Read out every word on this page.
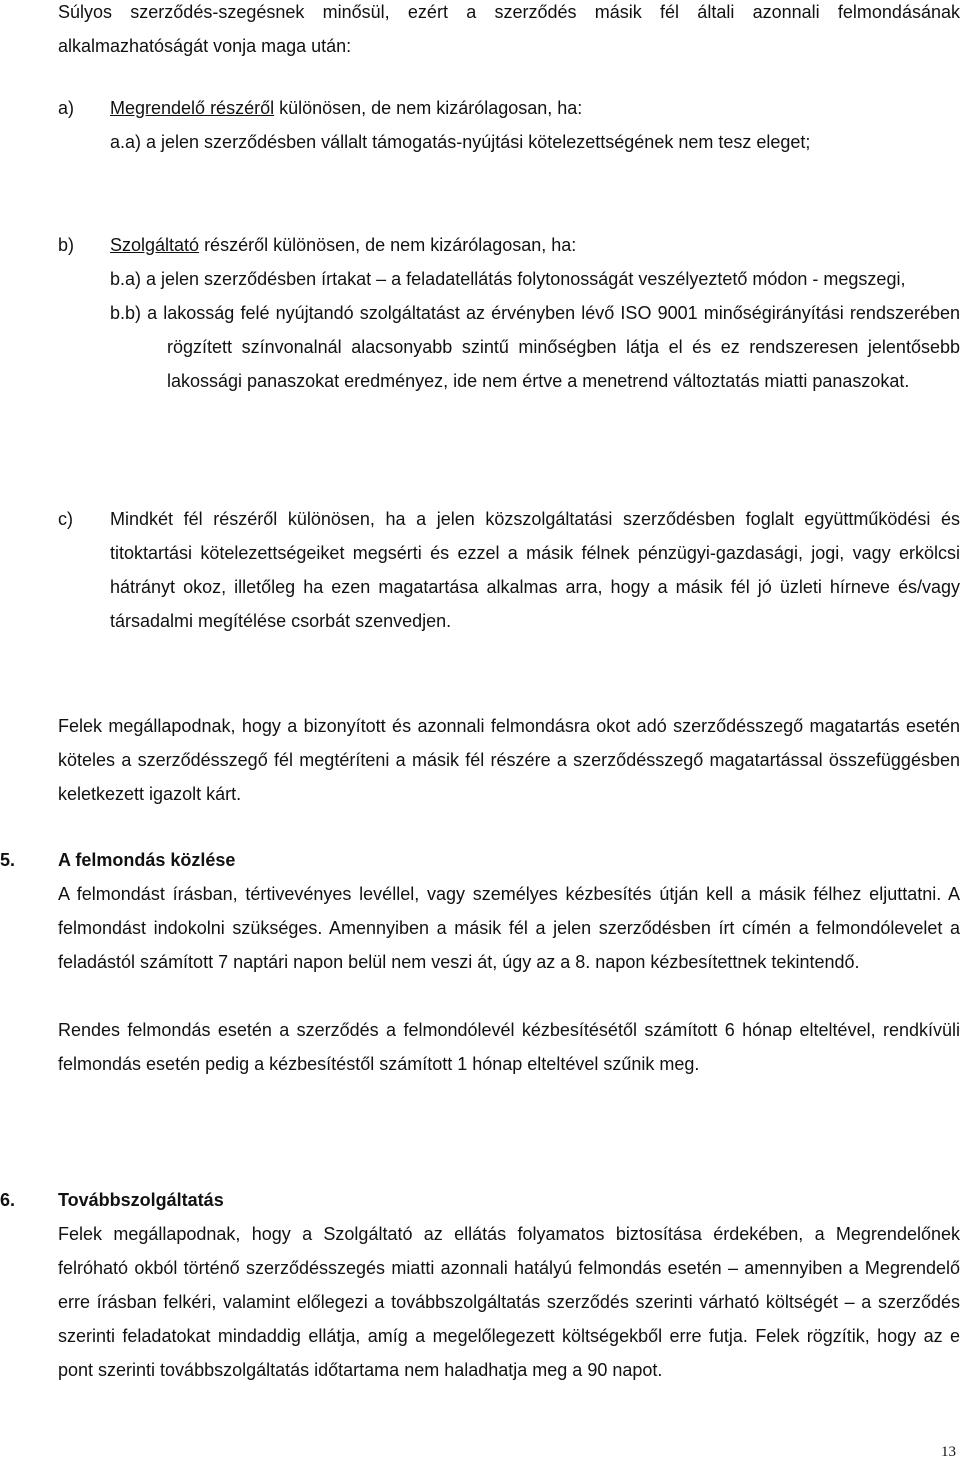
Súlyos szerződés-szegésnek minősül, ezért a szerződés másik fél általi azonnali felmondásának alkalmazhatóságát vonja maga után:

a) Megrendelő részéről különösen, de nem kizárólagosan, ha:

a.a) a jelen szerződésben vállalt támogatás-nyújtási kötelezettségének nem tesz eleget;

b) Szolgáltató részéről különösen, de nem kizárólagosan, ha:

b.a) a jelen szerződésben írtakat – a feladatellátás folytonosságát veszélyeztető módon - megszegi,

b.b) a lakosság felé nyújtandó szolgáltatást az érvényben lévő ISO 9001 minőségirányítási rendszerében rögzített színvonalnál alacsonyabb szintű minőségben látja el és ez rendszeresen jelentősebb lakossági panaszokat eredményez, ide nem értve a menetrend változtatás miatti panaszokat.

c) Mindkét fél részéről különösen, ha a jelen közszolgáltatási szerződésben foglalt együttműködési és titoktartási kötelezettségeiket megsérti és ezzel a másik félnek pénzügyi-gazdasági, jogi, vagy erkölcsi hátrányt okoz, illetőleg ha ezen magatartása alkalmas arra, hogy a másik fél jó üzleti hírneve és/vagy társadalmi megítélése csorbát szenvedjen.

Felek megállapodnak, hogy a bizonyított és azonnali felmondásra okot adó szerződésszegő magatartás esetén köteles a szerződésszegő fél megtéríteni a másik fél részére a szerződésszegő magatartással összefüggésben keletkezett igazolt kárt.

5. A felmondás közlése

A felmondást írásban, tértivevényes levéllel, vagy személyes kézbesítés útján kell a másik félhez eljuttatni. A felmondást indokolni szükséges. Amennyiben a másik fél a jelen szerződésben írt címén a felmondólevelet a feladástól számított 7 naptári napon belül nem veszi át, úgy az a 8. napon kézbesítettnek tekintendő.

Rendes felmondás esetén a szerződés a felmondólevél kézbesítésétől számított 6 hónap elteltével, rendkívüli felmondás esetén pedig a kézbesítéstől számított 1 hónap elteltével szűnik meg.

6. Továbbszolgáltatás

Felek megállapodnak, hogy a Szolgáltató az ellátás folyamatos biztosítása érdekében, a Megrendelőnek felróható okból történő szerződésszegés miatti azonnali hatályú felmondás esetén – amennyiben a Megrendelő erre írásban felkéri, valamint előlegezi a továbbszolgáltatás szerződés szerinti várható költségét – a szerződés szerinti feladatokat mindaddig ellátja, amíg a megelőlegezett költségekből erre futja. Felek rögzítik, hogy az e pont szerinti továbbszolgáltatás időtartama nem haladhatja meg a 90 napot.

13
